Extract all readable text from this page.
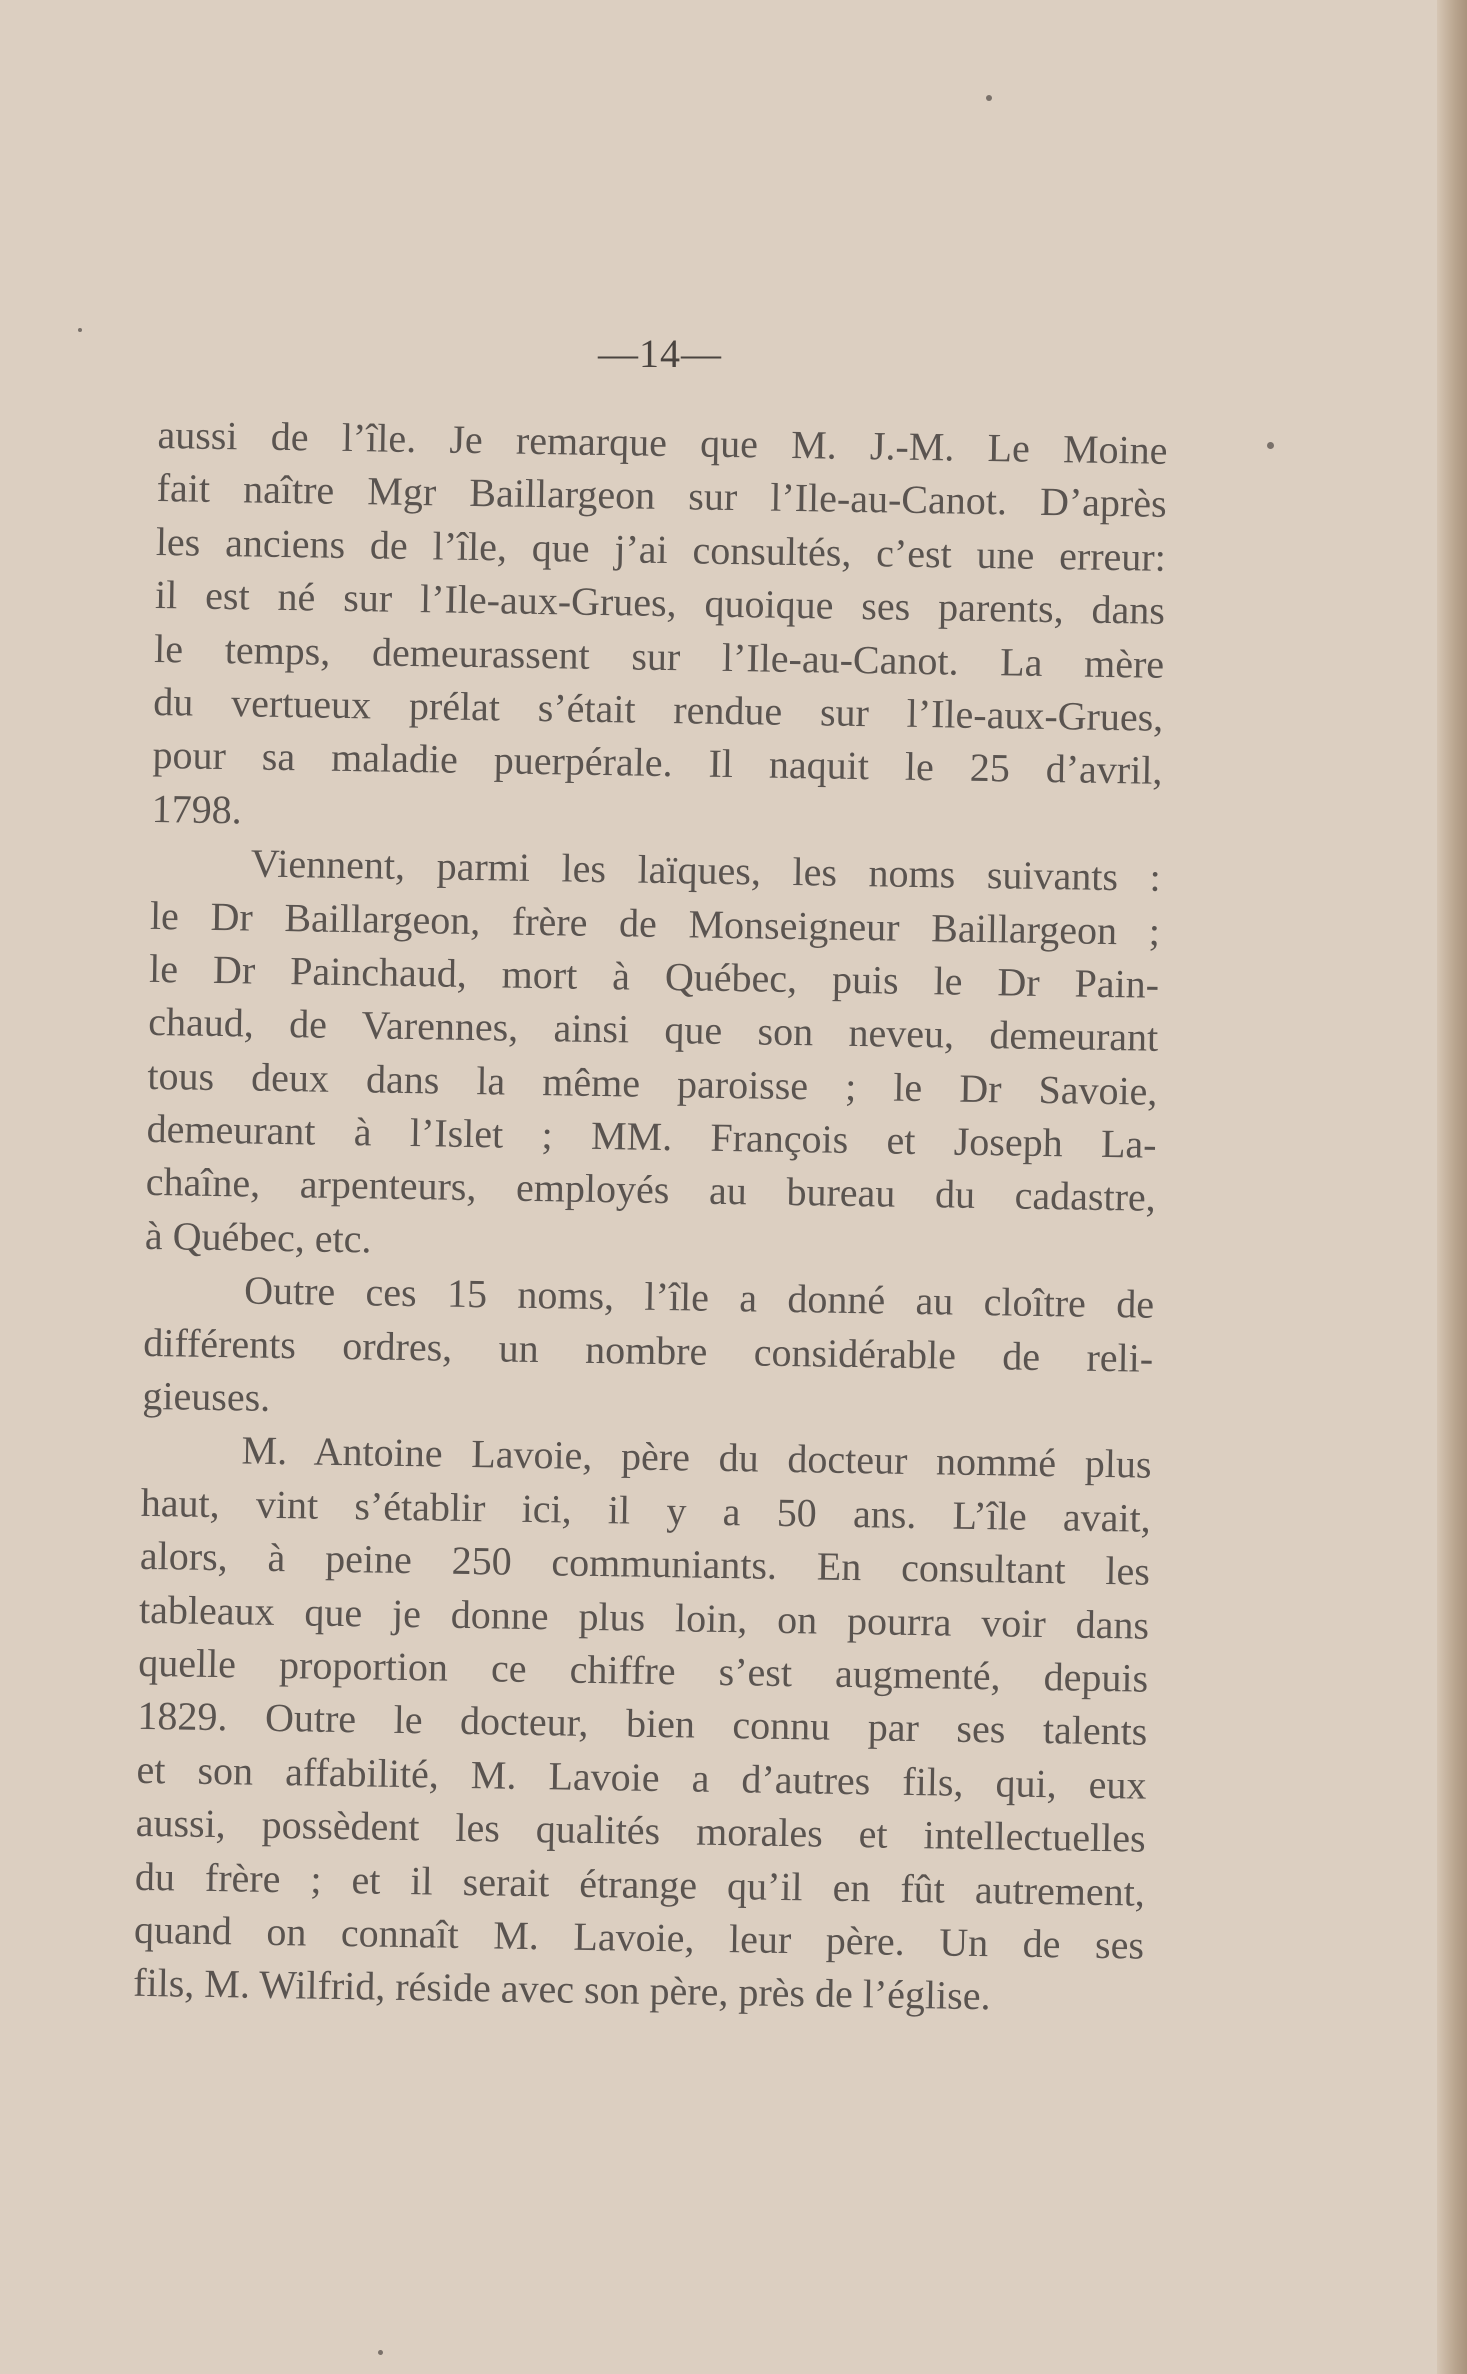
—14—
aussi de l’île. Je remarque que M. J.-M. Le Moine
fait naître Mgr Baillargeon sur l’Ile-au-Canot. D’après
les anciens de l’île, que j’ai consultés, c’est une erreur:
il est né sur l’Ile-aux-Grues, quoique ses parents, dans
le temps, demeurassent sur l’Ile-au-Canot. La mère
du vertueux prélat s’était rendue sur l’Ile-aux-Grues,
pour sa maladie puerpérale. Il naquit le 25 d’avril,
1798.
Viennent, parmi les laïques, les noms suivants :
le Dr Baillargeon, frère de Monseigneur Baillargeon ;
le Dr Painchaud, mort à Québec, puis le Dr Pain-
chaud, de Varennes, ainsi que son neveu, demeurant
tous deux dans la même paroisse ; le Dr Savoie,
demeurant à l’Islet ; MM. François et Joseph La-
chaîne, arpenteurs, employés au bureau du cadastre,
à Québec, etc.
Outre ces 15 noms, l’île a donné au cloître de
différents ordres, un nombre considérable de reli-
gieuses.
M. Antoine Lavoie, père du docteur nommé plus
haut, vint s’établir ici, il y a 50 ans. L’île avait,
alors, à peine 250 communiants. En consultant les
tableaux que je donne plus loin, on pourra voir dans
quelle proportion ce chiffre s’est augmenté, depuis
1829. Outre le docteur, bien connu par ses talents
et son affabilité, M. Lavoie a d’autres fils, qui, eux
aussi, possèdent les qualités morales et intellectuelles
du frère ; et il serait étrange qu’il en fût autrement,
quand on connaît M. Lavoie, leur père. Un de ses
fils, M. Wilfrid, réside avec son père, près de l’église.
